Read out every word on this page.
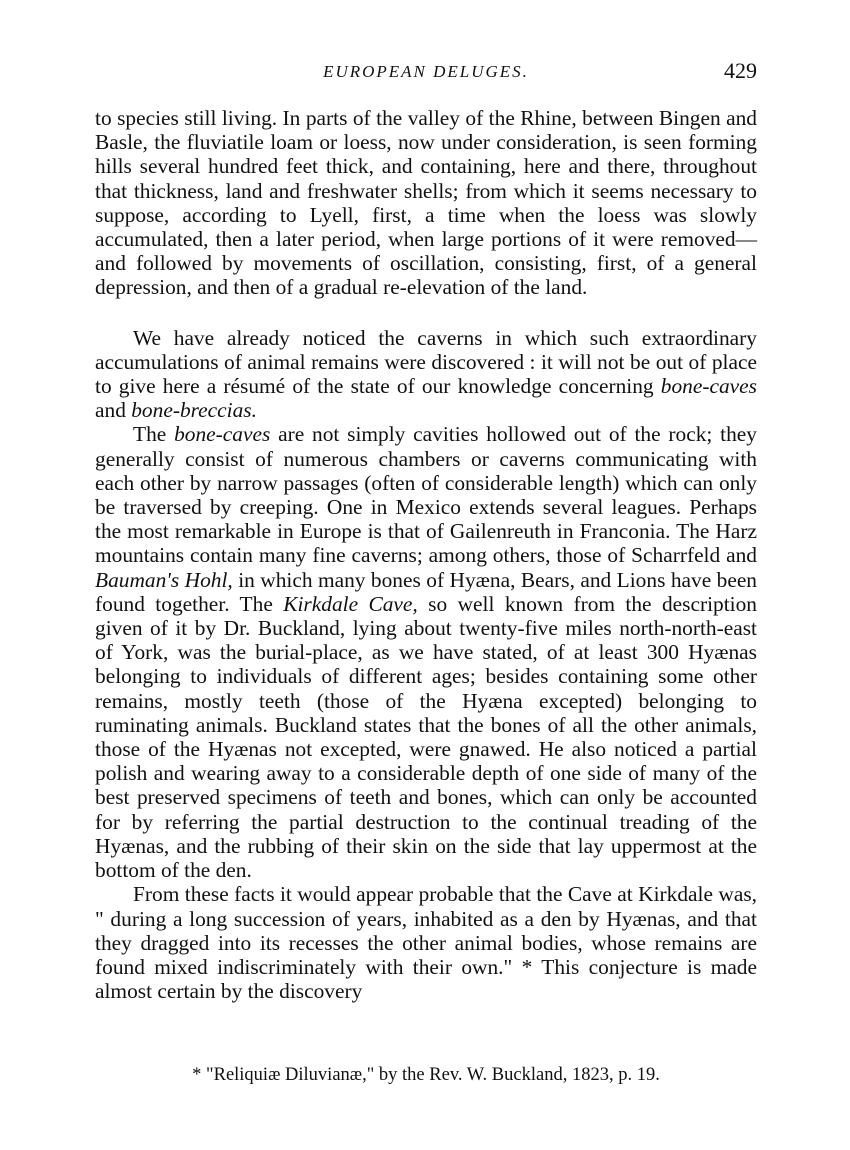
EUROPEAN DELUGES.	429

to species still living. In parts of the valley of the Rhine, between Bingen and Basle, the fluviatile loam or loess, now under consideration, is seen forming hills several hundred feet thick, and containing, here and there, throughout that thickness, land and freshwater shells; from which it seems necessary to suppose, according to Lyell, first, a time when the loess was slowly accumulated, then a later period, when large portions of it were removed—and followed by movements of oscillation, consisting, first, of a general depression, and then of a gradual re-elevation of the land.

We have already noticed the caverns in which such extraordinary accumulations of animal remains were discovered : it will not be out of place to give here a résumé of the state of our knowledge concerning bone-caves and bone-breccias.

The bone-caves are not simply cavities hollowed out of the rock; they generally consist of numerous chambers or caverns communicating with each other by narrow passages (often of considerable length) which can only be traversed by creeping. One in Mexico extends several leagues. Perhaps the most remarkable in Europe is that of Gailenreuth in Franconia. The Harz mountains contain many fine caverns; among others, those of Scharrfeld and Bauman's Hohl, in which many bones of Hyæna, Bears, and Lions have been found together. The Kirkdale Cave, so well known from the description given of it by Dr. Buckland, lying about twenty-five miles north-north-east of York, was the burial-place, as we have stated, of at least 300 Hyænas belonging to individuals of different ages; besides containing some other remains, mostly teeth (those of the Hyæna excepted) belonging to ruminating animals. Buckland states that the bones of all the other animals, those of the Hyænas not excepted, were gnawed. He also noticed a partial polish and wearing away to a considerable depth of one side of many of the best preserved specimens of teeth and bones, which can only be accounted for by referring the partial destruction to the continual treading of the Hyænas, and the rubbing of their skin on the side that lay uppermost at the bottom of the den.

From these facts it would appear probable that the Cave at Kirkdale was, " during a long succession of years, inhabited as a den by Hyænas, and that they dragged into its recesses the other animal bodies, whose remains are found mixed indiscriminately with their own." * This conjecture is made almost certain by the discovery

* "Reliquiæ Diluvianæ," by the Rev. W. Buckland, 1823, p. 19.
